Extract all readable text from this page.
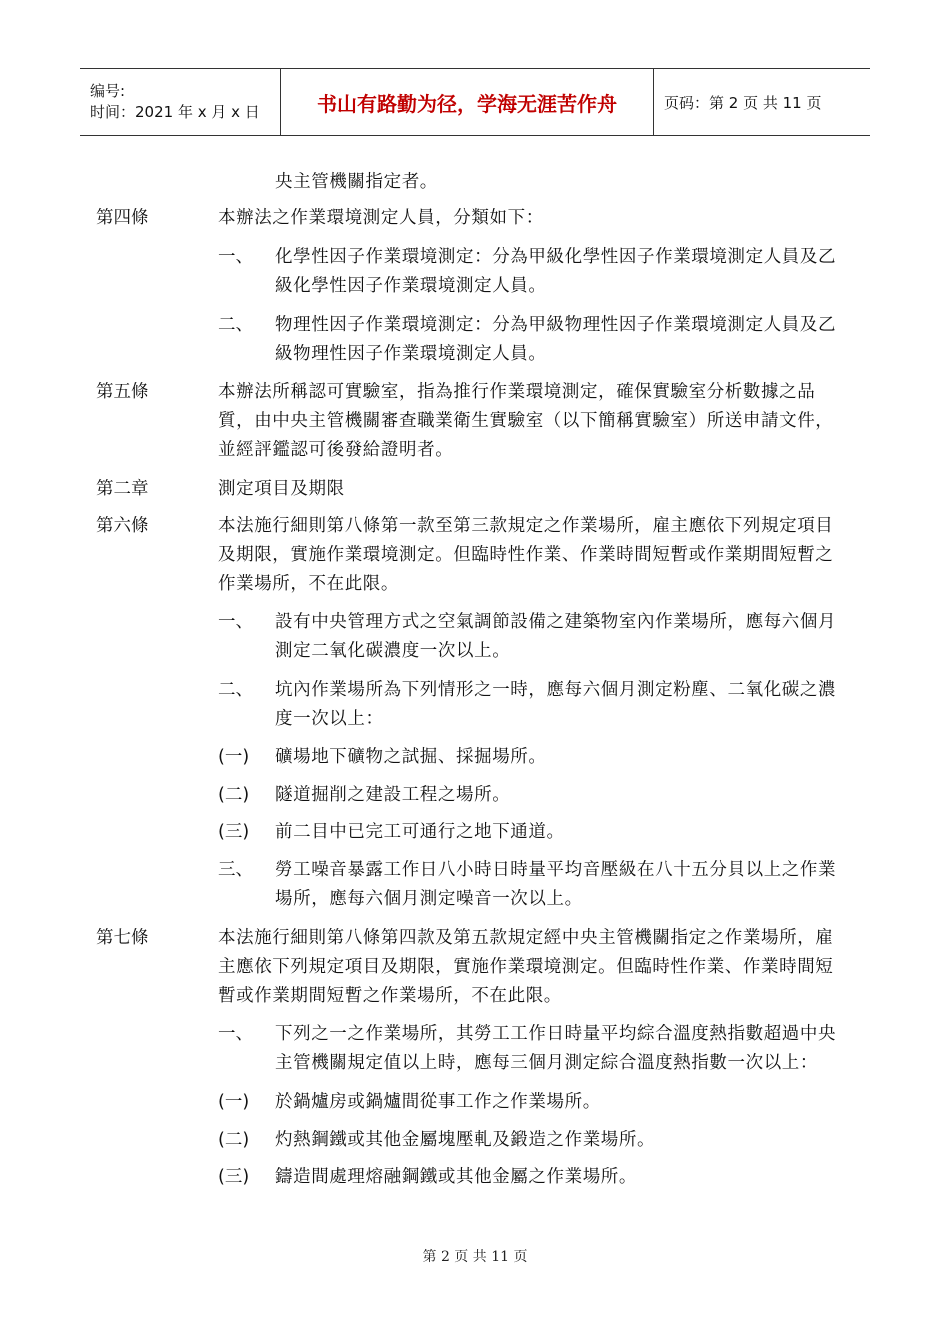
编号:
时间：2021 年 x 月 x 日	书山有路勤为径，学海无涯苦作舟	页码：第 2 页 共 11 页
央主管機關指定者。
第四條	本辦法之作業環境測定人員，分類如下：
一、 化學性因子作業環境測定：分為甲級化學性因子作業環境測定人員及乙
級化學性因子作業環境測定人員。
二、 物理性因子作業環境測定：分為甲級物理性因子作業環境測定人員及乙
級物理性因子作業環境測定人員。
第五條	本辦法所稱認可實驗室，指為推行作業環境測定，確保實驗室分析數據之品
質，由中央主管機關審查職業衛生實驗室（以下簡稱實驗室）所送申請文件，
並經評鑑認可後發給證明者。
第二章	測定項目及期限
第六條	本法施行細則第八條第一款至第三款規定之作業場所，雇主應依下列規定項目
及期限，實施作業環境測定。但臨時性作業、作業時間短暫或作業期間短暫之
作業場所，不在此限。
一、 設有中央管理方式之空氣調節設備之建築物室內作業場所，應每六個月
測定二氧化碳濃度一次以上。
二、 坑內作業場所為下列情形之一時，應每六個月測定粉塵、二氧化碳之濃
度一次以上：
(一) 礦場地下礦物之試掘、採掘場所。
(二) 隧道掘削之建設工程之場所。
(三) 前二目中已完工可通行之地下通道。
三、 勞工噪音暴露工作日八小時日時量平均音壓級在八十五分貝以上之作業
場所，應每六個月測定噪音一次以上。
第七條	本法施行細則第八條第四款及第五款規定經中央主管機關指定之作業場所，雇
主應依下列規定項目及期限，實施作業環境測定。但臨時性作業、作業時間短
暫或作業期間短暫之作業場所，不在此限。
一、 下列之一之作業場所，其勞工工作日時量平均綜合溫度熱指數超過中央
主管機關規定值以上時，應每三個月測定綜合溫度熱指數一次以上：
(一) 於鍋爐房或鍋爐間從事工作之作業場所。
(二) 灼熱鋼鐵或其他金屬塊壓軋及鍛造之作業場所。
(三) 鑄造間處理熔融鋼鐵或其他金屬之作業場所。
第 2 页 共 11 页
